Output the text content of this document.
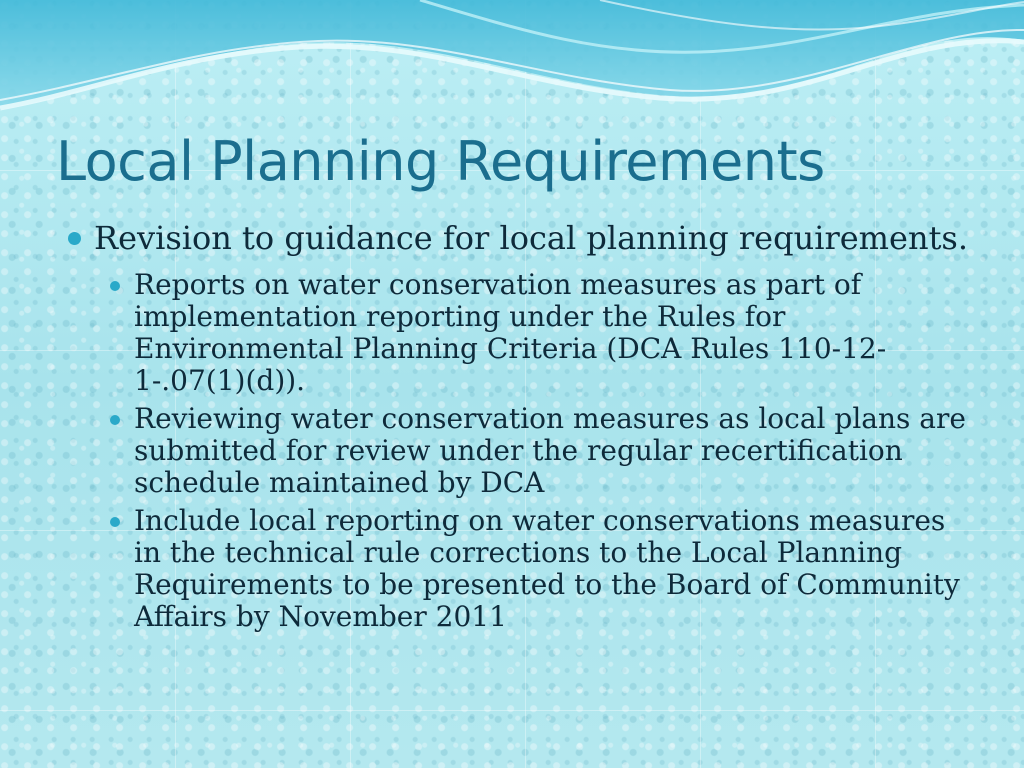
Local Planning Requirements
Revision to guidance for local planning requirements.
Reports on water conservation measures as part of implementation reporting under the Rules for Environmental Planning Criteria (DCA Rules 110-12-1-.07(1)(d)).
Reviewing water conservation measures as local plans are submitted for review under the regular recertification schedule maintained by DCA
Include local reporting on water conservations measures in the technical rule corrections to the Local Planning Requirements to be presented to the Board of Community Affairs by November 2011
